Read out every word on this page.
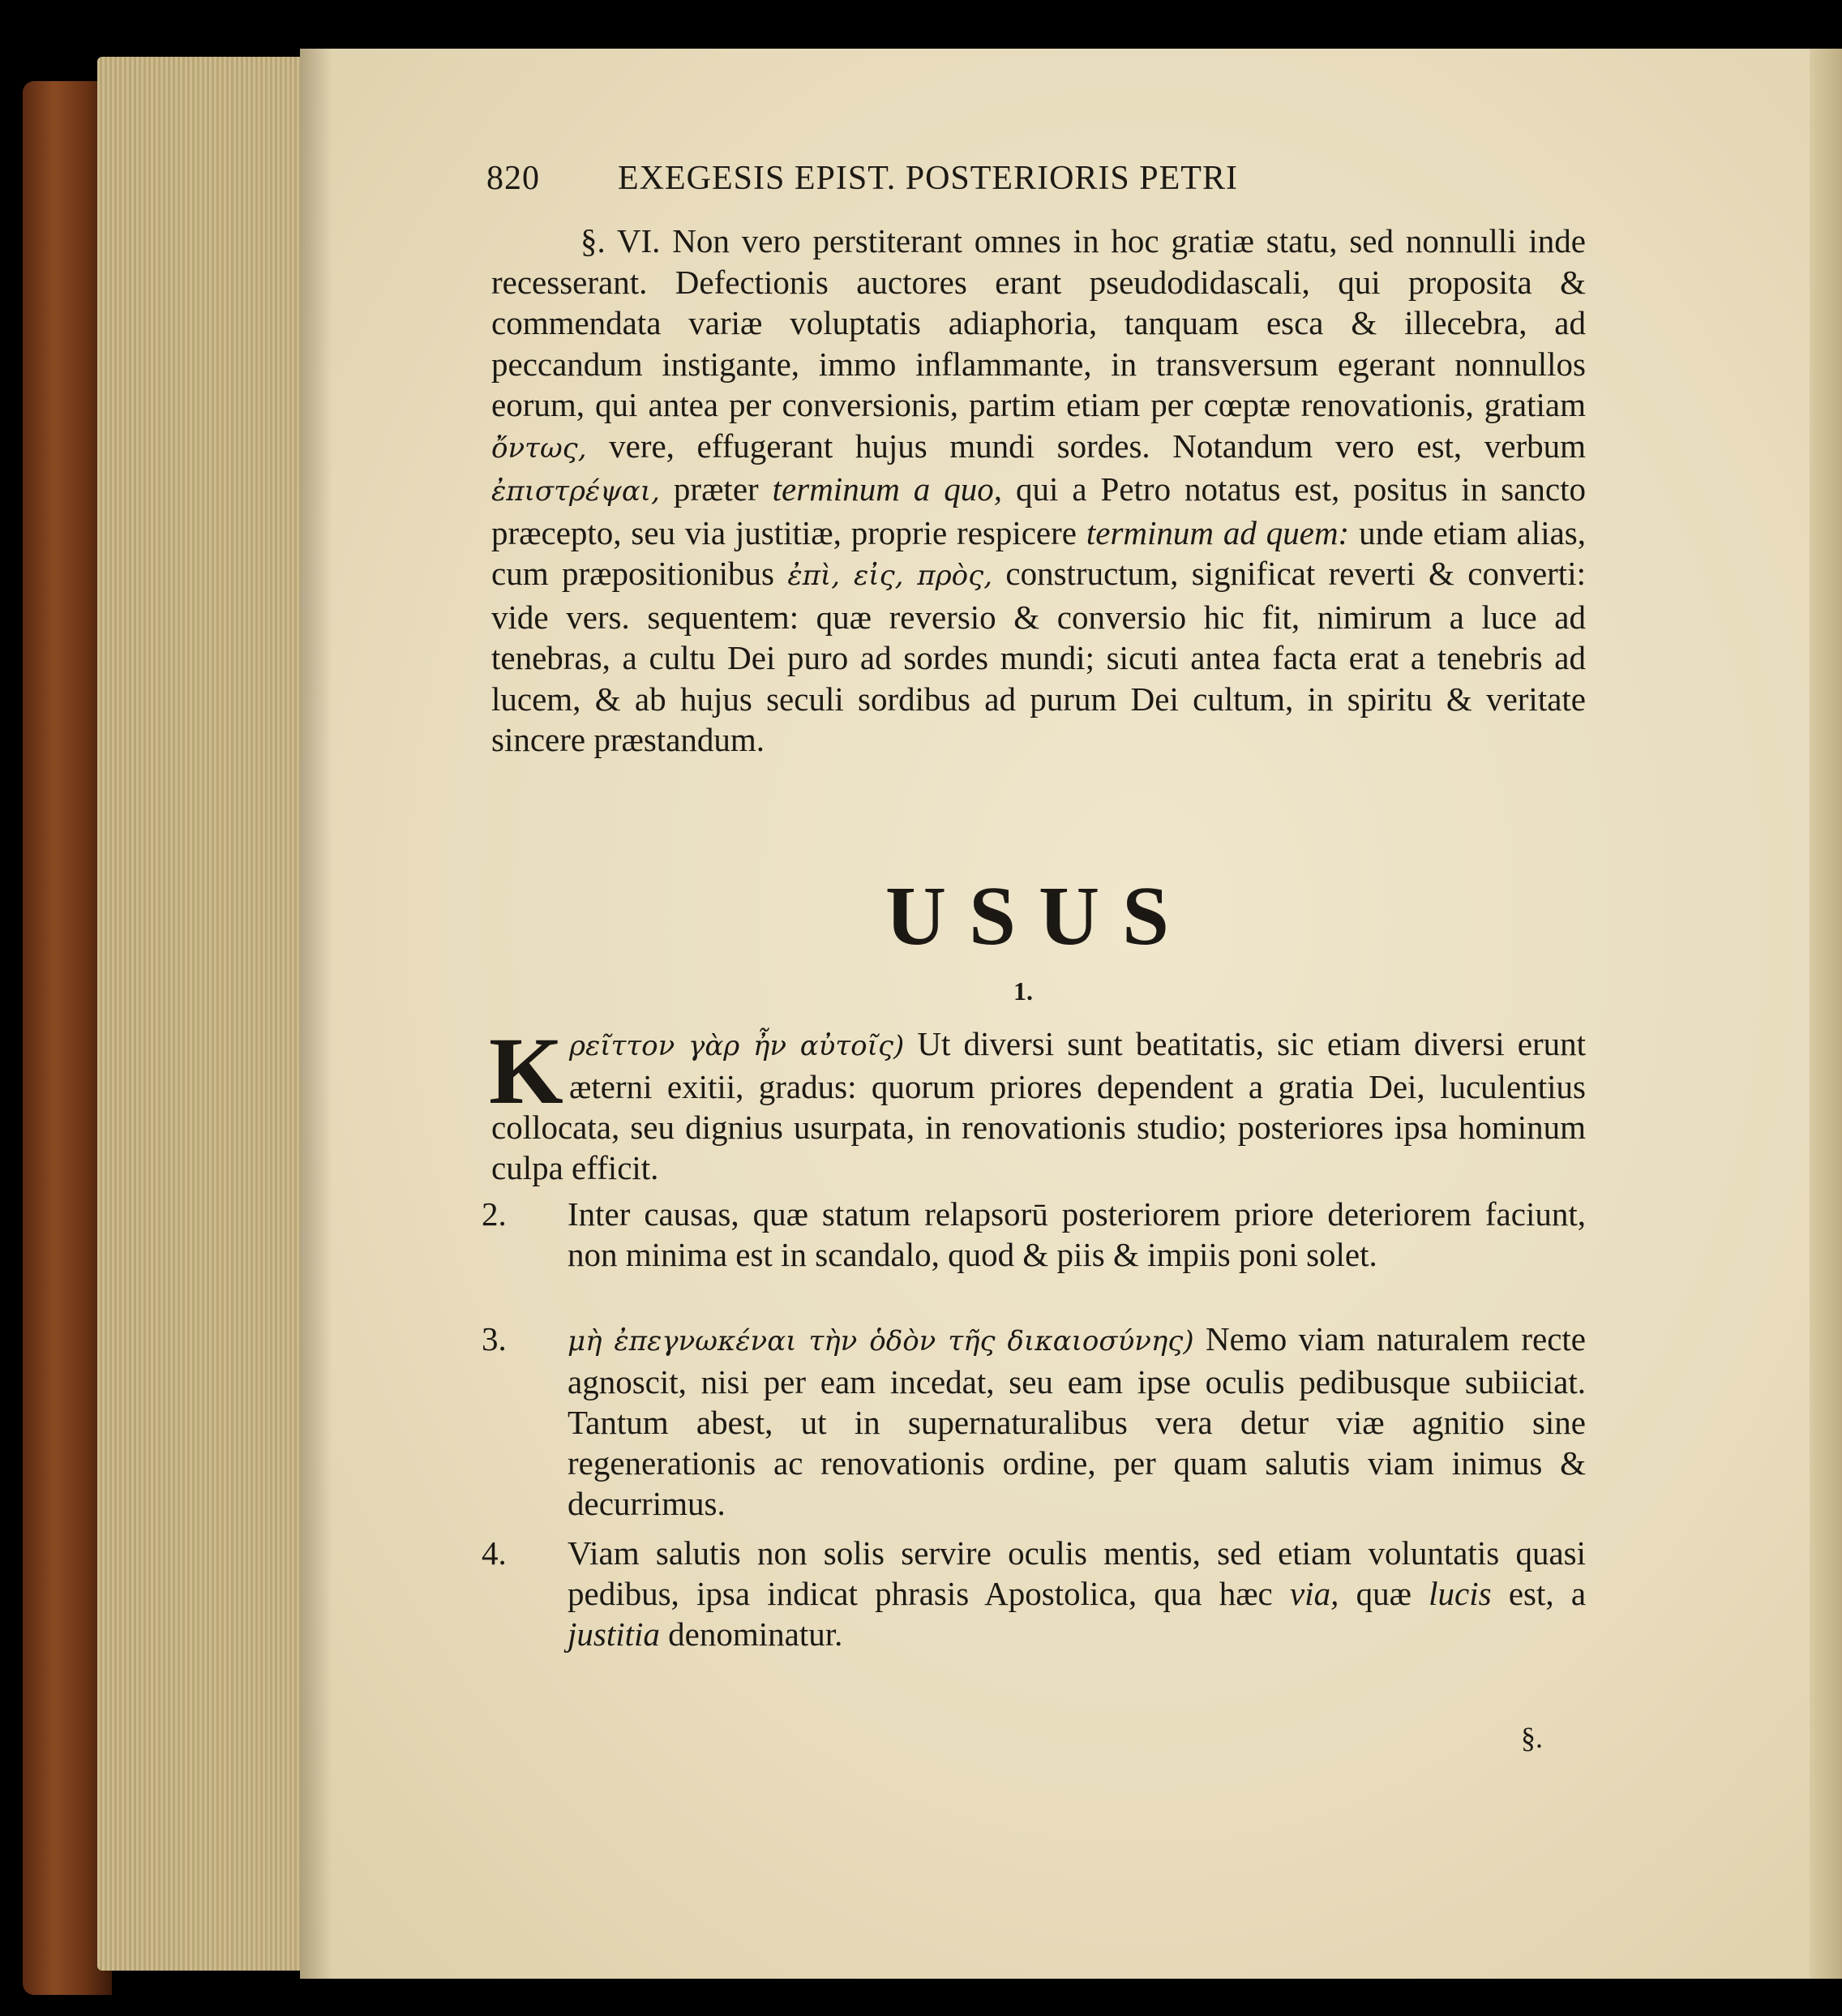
820 EXEGESIS EPIST. POSTERIORIS PETRI
§. VI. Non vero perstiterant omnes in hoc gratiæ statu, sed nonnulli inde recesserant. Defectionis auctores erant pseudodidascali, qui proposita & commendata variæ voluptatis adiaphoria, tanquam esca & illecebra, ad peccandum instigante, immo inflammante, in transversum egerant nonnullos eorum, qui antea per conversionis, partim etiam per cœptæ renovationis, gratiam ὄντως, vere, effugerant hujus mundi sordes. Notandum vero est, verbum ἐπιστρέψαι, præter terminum a quo, qui a Petro notatus est, positus in sancto præcepto, seu via justitiæ, proprie respicere terminum ad quem: unde etiam alias, cum præpositionibus ἐπὶ, εἰς, πρὸς, constructum, significat reverti & converti: vide vers. sequentem: quæ reversio & conversio hic fit, nimirum a luce ad tenebras, a cultu Dei puro ad sordes mundi; sicuti antea facta erat a tenebris ad lucem, & ab hujus seculi sordibus ad purum Dei cultum, in spiritu & veritate sincere præstandum.
USUS
1.
K ρεῖττον γὰρ ἦν αὐτοῖς) Ut diversi sunt beatitatis, sic etiam diversi erunt æterni exitii, gradus: quorum priores dependent a gratia Dei, luculentius collocata, seu dignius usurpata, in renovationis studio; posteriores ipsa hominum culpa efficit.
2.	Inter causas, quæ statum relapsorū posteriorem priore deteriorem faciunt, non minima est in scandalo, quod & piis & impiis poni solet.
3.	μὴ ἐπεγνωκέναι τὴν ὁδὸν τῆς δικαιοσύνης) Nemo viam naturalem recte agnoscit, nisi per eam incedat, seu eam ipse oculis pedibusque subiiciat. Tantum abest, ut in supernaturalibus vera detur viæ agnitio sine regenerationis ac renovationis ordine, per quam salutis viam inimus & decurrimus.
4.	Viam salutis non solis servire oculis mentis, sed etiam voluntatis quasi pedibus, ipsa indicat phrasis Apostolica, qua hæc via, quæ lucis est, a justitia denominatur.
§.
